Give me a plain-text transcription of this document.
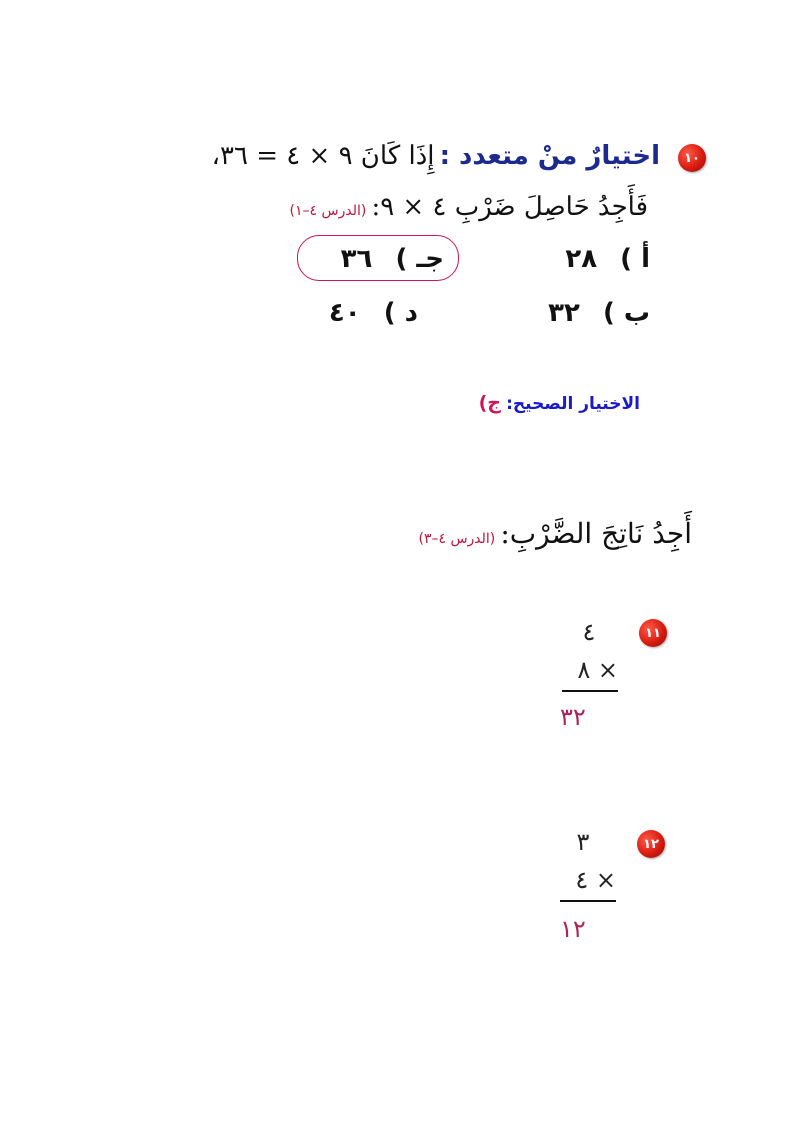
١٠
اختيارٌ منْ متعدد : إِذَا كَانَ ٩ × ٤ = ٣٦،
فَأَجِدُ حَاصِلَ ضَرْبِ ٤ × ٩: (الدرس ٤–١)
أ ) ٢٨
ب ) ٣٢
جـ ) ٣٦
د ) ٤٠
الاختيار الصحيح: ج)
أَجِدُ نَاتِجَ الضَّرْبِ: (الدرس ٤–٣)
١١
٤
٨ ×
٣٢
١٢
٣
٤ ×
١٢
